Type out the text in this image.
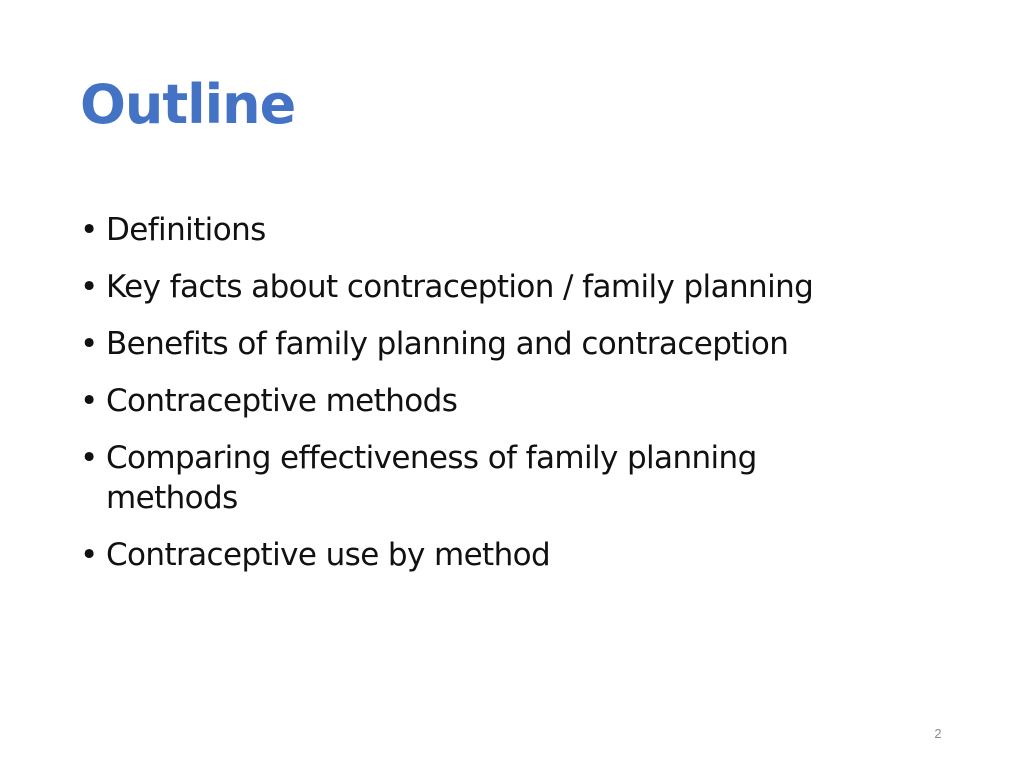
Outline
• Definitions
• Key facts about contraception / family planning
• Benefits of family planning and contraception
• Contraceptive methods
• Comparing effectiveness of family planning methods
• Contraceptive use by method
2
